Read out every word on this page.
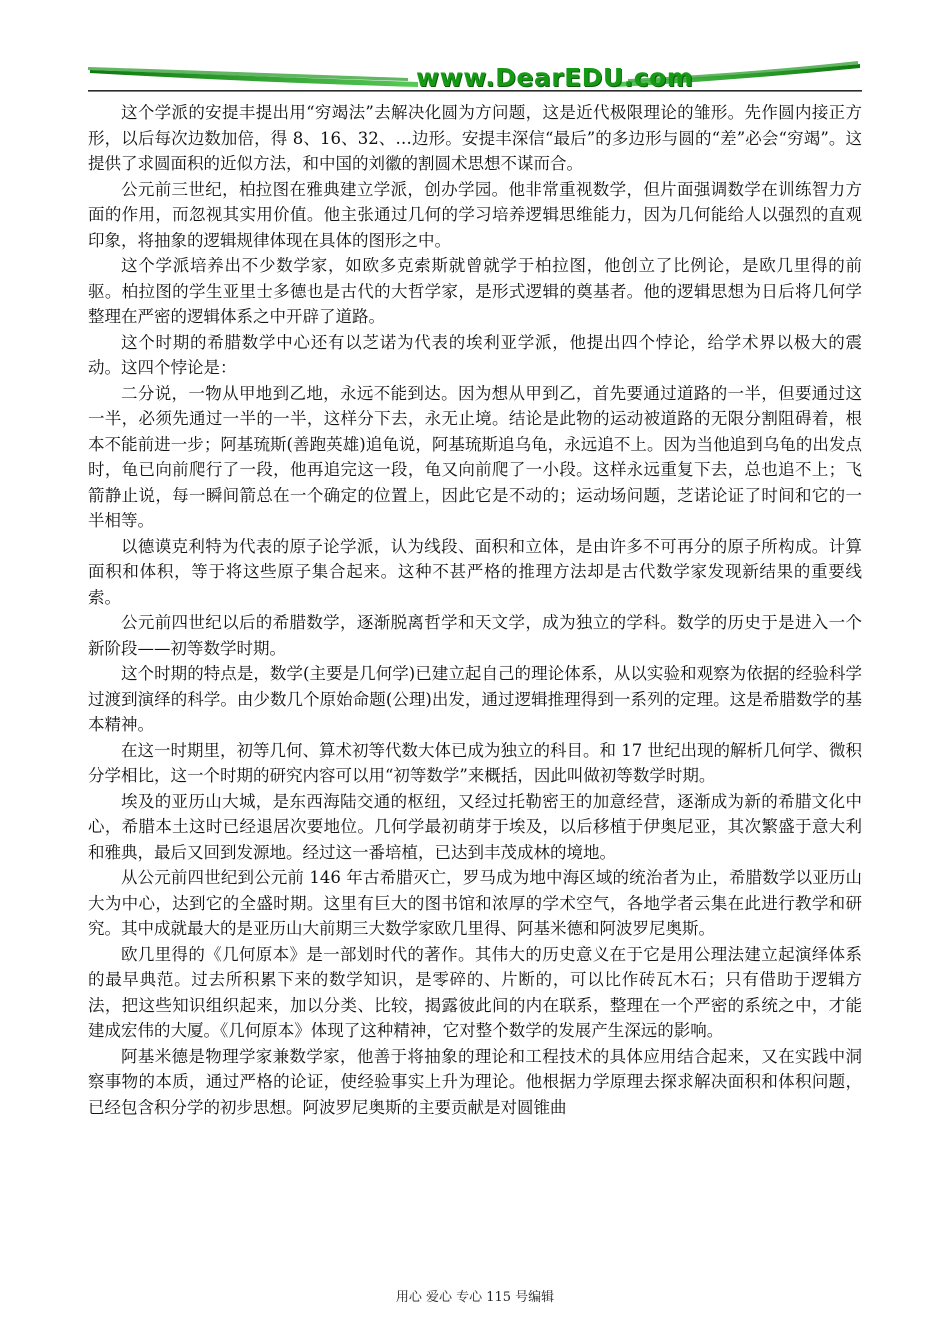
www.DearEDU.com

这个学派的安提丰提出用“穷竭法”去解决化圆为方问题，这是近代极限理论的雏形。先作圆内接正方形，以后每次边数加倍，得 8、16、32、…边形。安提丰深信“最后”的多边形与圆的“差”必会“穷竭”。这提供了求圆面积的近似方法，和中国的刘徽的割圆术思想不谋而合。

公元前三世纪，柏拉图在雅典建立学派，创办学园。他非常重视数学，但片面强调数学在训练智力方面的作用，而忽视其实用价值。他主张通过几何的学习培养逻辑思维能力，因为几何能给人以强烈的直观印象，将抽象的逻辑规律体现在具体的图形之中。

这个学派培养出不少数学家，如欧多克索斯就曾就学于柏拉图，他创立了比例论，是欧几里得的前驱。柏拉图的学生亚里士多德也是古代的大哲学家，是形式逻辑的奠基者。他的逻辑思想为日后将几何学整理在严密的逻辑体系之中开辟了道路。

这个时期的希腊数学中心还有以芝诺为代表的埃利亚学派，他提出四个悖论，给学术界以极大的震动。这四个悖论是：

二分说，一物从甲地到乙地，永远不能到达。因为想从甲到乙，首先要通过道路的一半，但要通过这一半，必须先通过一半的一半，这样分下去，永无止境。结论是此物的运动被道路的无限分割阻碍着，根本不能前进一步；阿基琉斯(善跑英雄)追龟说，阿基琉斯追乌龟，永远追不上。因为当他追到乌龟的出发点时，龟已向前爬行了一段，他再追完这一段，龟又向前爬了一小段。这样永远重复下去，总也追不上；飞箭静止说，每一瞬间箭总在一个确定的位置上，因此它是不动的；运动场问题，芝诺论证了时间和它的一半相等。

以德谟克利特为代表的原子论学派，认为线段、面积和立体，是由许多不可再分的原子所构成。计算面积和体积，等于将这些原子集合起来。这种不甚严格的推理方法却是古代数学家发现新结果的重要线索。

公元前四世纪以后的希腊数学，逐渐脱离哲学和天文学，成为独立的学科。数学的历史于是进入一个新阶段——初等数学时期。

这个时期的特点是，数学(主要是几何学)已建立起自己的理论体系，从以实验和观察为依据的经验科学过渡到演绎的科学。由少数几个原始命题(公理)出发，通过逻辑推理得到一系列的定理。这是希腊数学的基本精神。

在这一时期里，初等几何、算术初等代数大体已成为独立的科目。和 17 世纪出现的解析几何学、微积分学相比，这一个时期的研究内容可以用“初等数学”来概括，因此叫做初等数学时期。

埃及的亚历山大城，是东西海陆交通的枢纽，又经过托勒密王的加意经营，逐渐成为新的希腊文化中心，希腊本土这时已经退居次要地位。几何学最初萌芽于埃及，以后移植于伊奥尼亚，其次繁盛于意大利和雅典，最后又回到发源地。经过这一番培植，已达到丰茂成林的境地。

从公元前四世纪到公元前 146 年古希腊灭亡，罗马成为地中海区域的统治者为止，希腊数学以亚历山大为中心，达到它的全盛时期。这里有巨大的图书馆和浓厚的学术空气，各地学者云集在此进行教学和研究。其中成就最大的是亚历山大前期三大数学家欧几里得、阿基米德和阿波罗尼奥斯。

欧几里得的《几何原本》是一部划时代的著作。其伟大的历史意义在于它是用公理法建立起演绎体系的最早典范。过去所积累下来的数学知识，是零碎的、片断的，可以比作砖瓦木石；只有借助于逻辑方法，把这些知识组织起来，加以分类、比较，揭露彼此间的内在联系，整理在一个严密的系统之中，才能建成宏伟的大厦。《几何原本》体现了这种精神，它对整个数学的发展产生深远的影响。

阿基米德是物理学家兼数学家，他善于将抽象的理论和工程技术的具体应用结合起来，又在实践中洞察事物的本质，通过严格的论证，使经验事实上升为理论。他根据力学原理去探求解决面积和体积问题，已经包含积分学的初步思想。阿波罗尼奥斯的主要贡献是对圆锥曲

用心 爱心 专心 115 号编辑
